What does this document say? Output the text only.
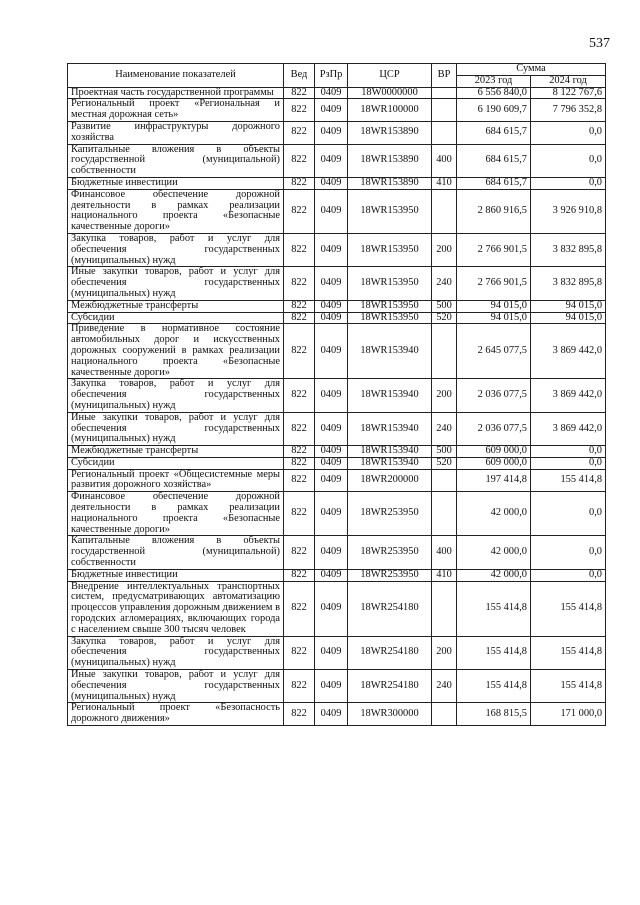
537
Наименование показателей	Вед	РзПр	ЦСР	ВР	Сумма	
					2023 год	2024 год
Проектная часть государственной программы	822	0409	18W0000000		6 556 840,0	8 122 767,6
Региональный проект «Региональная и местная дорожная сеть»	822	0409	18WR100000		6 190 609,7	7 796 352,8
Развитие инфраструктуры дорожного хозяйства	822	0409	18WR153890		684 615,7	0,0
Капитальные вложения в объекты государственной (муниципальной) собственности	822	0409	18WR153890	400	684 615,7	0,0
Бюджетные инвестиции	822	0409	18WR153890	410	684 615,7	0,0
Финансовое обеспечение дорожной деятельности в рамках реализации национального проекта «Безопасные качественные дороги»	822	0409	18WR153950		2 860 916,5	3 926 910,8
Закупка товаров, работ и услуг для обеспечения государственных (муниципальных) нужд	822	0409	18WR153950	200	2 766 901,5	3 832 895,8
Иные закупки товаров, работ и услуг для обеспечения государственных (муниципальных) нужд	822	0409	18WR153950	240	2 766 901,5	3 832 895,8
Межбюджетные трансферты	822	0409	18WR153950	500	94 015,0	94 015,0
Субсидии	822	0409	18WR153950	520	94 015,0	94 015,0
Приведение в нормативное состояние автомобильных дорог и искусственных дорожных сооружений в рамках реализации национального проекта «Безопасные качественные дороги»	822	0409	18WR153940		2 645 077,5	3 869 442,0
Закупка товаров, работ и услуг для обеспечения государственных (муниципальных) нужд	822	0409	18WR153940	200	2 036 077,5	3 869 442,0
Иные закупки товаров, работ и услуг для обеспечения государственных (муниципальных) нужд	822	0409	18WR153940	240	2 036 077,5	3 869 442,0
Межбюджетные трансферты	822	0409	18WR153940	500	609 000,0	0,0
Субсидии	822	0409	18WR153940	520	609 000,0	0,0
Региональный проект «Общесистемные меры развития дорожного хозяйства»	822	0409	18WR200000		197 414,8	155 414,8
Финансовое обеспечение дорожной деятельности в рамках реализации национального проекта «Безопасные качественные дороги»	822	0409	18WR253950		42 000,0	0,0
Капитальные вложения в объекты государственной (муниципальной) собственности	822	0409	18WR253950	400	42 000,0	0,0
Бюджетные инвестиции	822	0409	18WR253950	410	42 000,0	0,0
Внедрение интеллектуальных транспортных систем, предусматривающих автоматизацию процессов управления дорожным движением в городских агломерациях, включающих города с населением свыше 300 тысяч человек	822	0409	18WR254180		155 414,8	155 414,8
Закупка товаров, работ и услуг для обеспечения государственных (муниципальных) нужд	822	0409	18WR254180	200	155 414,8	155 414,8
Иные закупки товаров, работ и услуг для обеспечения государственных (муниципальных) нужд	822	0409	18WR254180	240	155 414,8	155 414,8
Региональный проект «Безопасность дорожного движения»	822	0409	18WR300000		168 815,5	171 000,0
